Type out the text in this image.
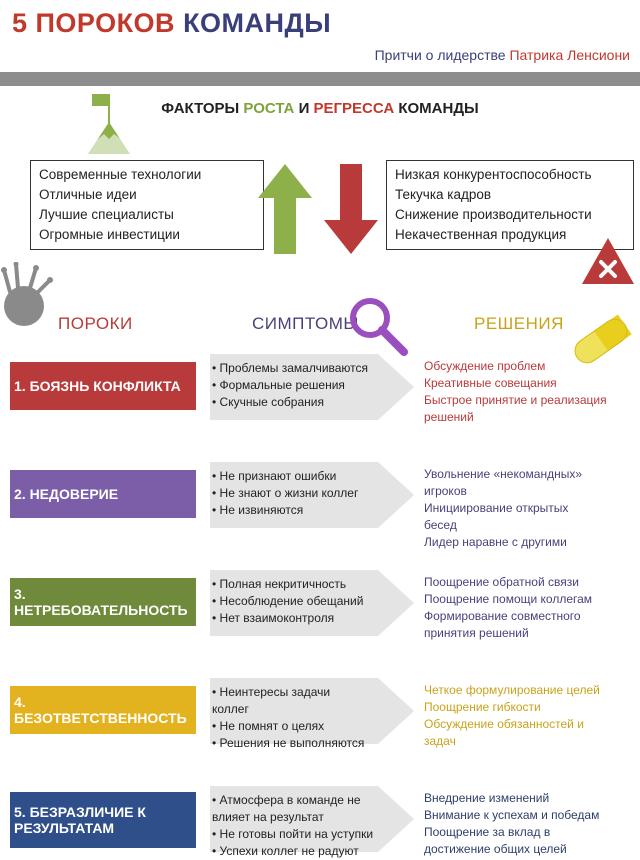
5 ПОРОКОВ КОМАНДЫ
Притчи о лидерстве Патрика Ленсиони
ФАКТОРЫ РОСТА И РЕГРЕССА КОМАНДЫ
Современные технологии
Отличные идеи
Лучшие специалисты
Огромные инвестиции
Низкая конкурентоспособность
Текучка кадров
Снижение производительности
Некачественная продукция
ПОРОКИ	СИМПТОМЫ	РЕШЕНИЯ
1. БОЯЗНЬ КОНФЛИКТА
• Проблемы замалчиваются
• Формальные решения
• Скучные собрания
Обсуждение проблем
Креативные совещания
Быстрое принятие и реализация
решений
2. НЕДОВЕРИЕ
• Не признают ошибки
• Не знают о жизни коллег
• Не извиняются
Увольнение «некомандных»
игроков
Инициирование открытых
бесед
Лидер наравне с другими
3. НЕТРЕБОВАТЕЛЬНОСТЬ
• Полная некритичность
• Несоблюдение обещаний
• Нет взаимоконтроля
Поощрение обратной связи
Поощрение помощи коллегам
Формирование совместного
принятия решений
4. БЕЗОТВЕТСТВЕННОСТЬ
• Неинтересы задачи
коллег
• Не помнят о целях
• Решения не выполняются
Четкое формулирование целей
Поощрение гибкости
Обсуждение обязанностей и
задач
5. БЕЗРАЗЛИЧИЕ К РЕЗУЛЬТАТАМ
• Атмосфера в команде не
влияет на результат
• Не готовы пойти на уступки
• Успехи коллег не радуют
Внедрение изменений
Внимание к успехам и победам
Поощрение за вклад в
достижение общих целей
